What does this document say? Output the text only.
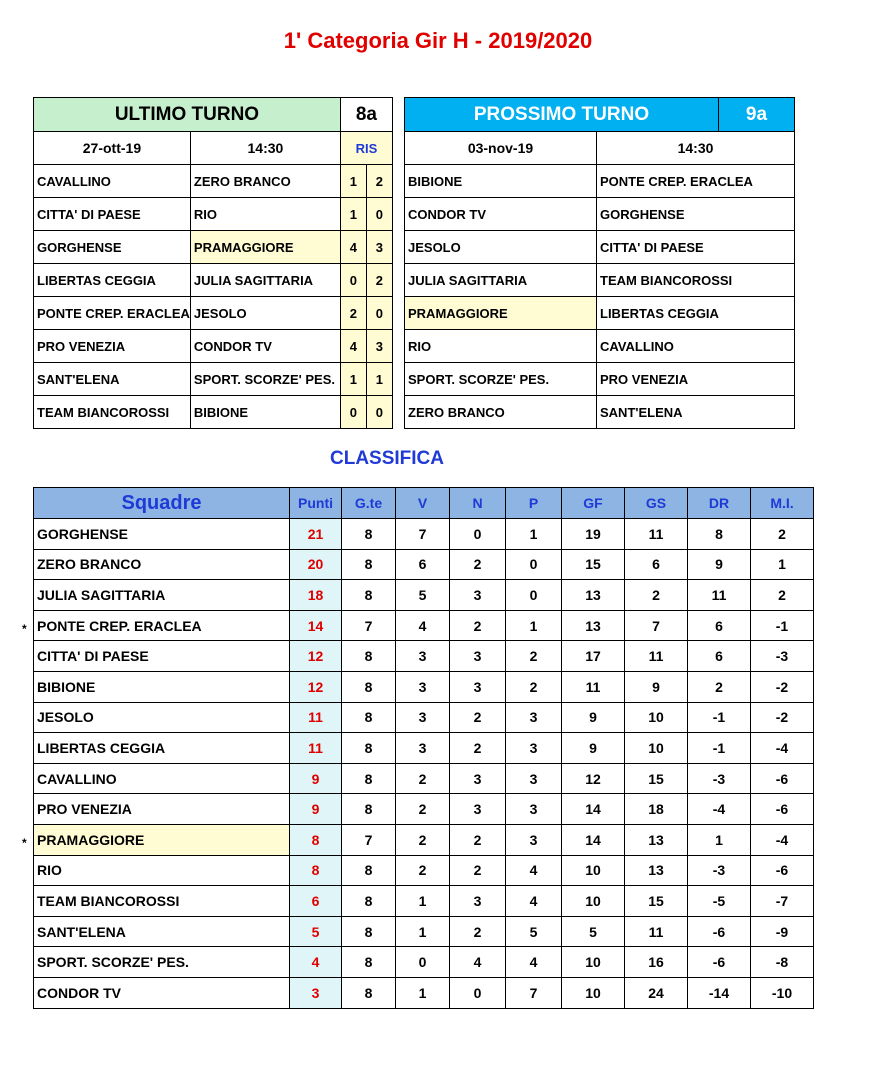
1' Categoria Gir H - 2019/2020
ULTIMO TURNO		8a	
27-ott-19	14:30	RIS	
CAVALLINO	ZERO BRANCO	1	2
CITTA' DI PAESE	RIO	1	0
GORGHENSE	PRAMAGGIORE	4	3
LIBERTAS CEGGIA	JULIA SAGITTARIA	0	2
PONTE CREP. ERACLEA	JESOLO	2	0
PRO VENEZIA	CONDOR TV	4	3
SANT'ELENA	SPORT. SCORZE' PES.	1	1
TEAM BIANCOROSSI	BIBIONE	0	0
PROSSIMO TURNO		9a
03-nov-19	14:30	
BIBIONE	PONTE CREP. ERACLEA	
CONDOR TV	GORGHENSE	
JESOLO	CITTA' DI PAESE	
JULIA SAGITTARIA	TEAM BIANCOROSSI	
PRAMAGGIORE	LIBERTAS CEGGIA	
RIO	CAVALLINO	
SPORT. SCORZE' PES.	PRO VENEZIA	
ZERO BRANCO	SANT'ELENA	
CLASSIFICA
Squadre	Punti	G.te	V	N	P	GF	GS	DR	M.I.
GORGHENSE	21	8	7	0	1	19	11	8	2
ZERO BRANCO	20	8	6	2	0	15	6	9	1
JULIA SAGITTARIA	18	8	5	3	0	13	2	11	2
PONTE CREP. ERACLEA	14	7	4	2	1	13	7	6	-1
CITTA' DI PAESE	12	8	3	3	2	17	11	6	-3
BIBIONE	12	8	3	3	2	11	9	2	-2
JESOLO	11	8	3	2	3	9	10	-1	-2
LIBERTAS CEGGIA	11	8	3	2	3	9	10	-1	-4
CAVALLINO	9	8	2	3	3	12	15	-3	-6
PRO VENEZIA	9	8	2	3	3	14	18	-4	-6
PRAMAGGIORE	8	7	2	2	3	14	13	1	-4
RIO	8	8	2	2	4	10	13	-3	-6
TEAM BIANCOROSSI	6	8	1	3	4	10	15	-5	-7
SANT'ELENA	5	8	1	2	5	5	11	-6	-9
SPORT. SCORZE' PES.	4	8	0	4	4	10	16	-6	-8
CONDOR TV	3	8	1	0	7	10	24	-14	-10
*
*
